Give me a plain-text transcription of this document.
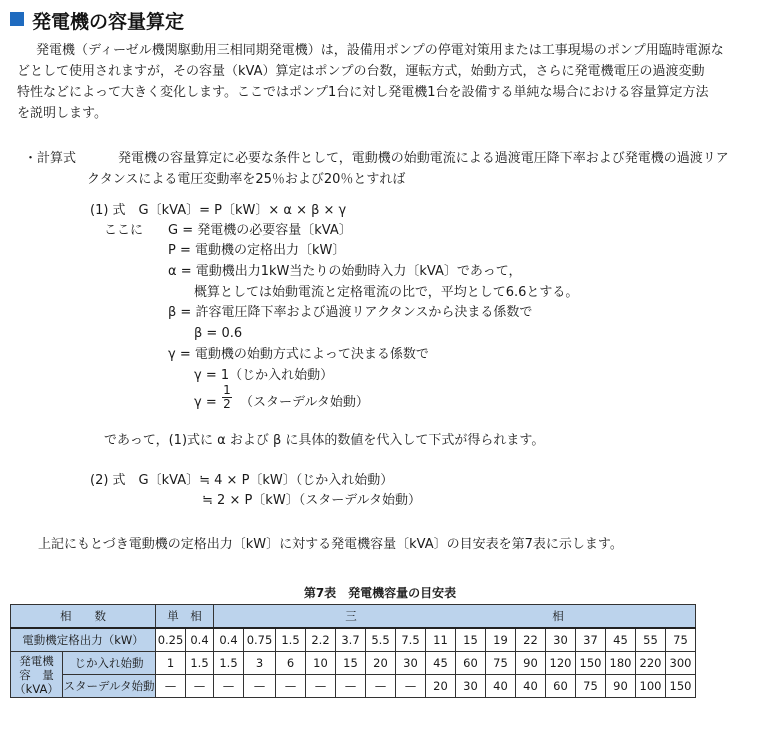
発電機の容量算定
発電機（ディーゼル機関駆動用三相同期発電機）は，設備用ポンプの停電対策用または工事現場のポンプ用臨時電源な
どとして使用されますが，その容量（kVA）算定はポンプの台数，運転方式，始動方式，さらに発電機電圧の過渡変動
特性などによって大きく変化します。ここではポンプ1台に対し発電機1台を設備する単純な場合における容量算定方法
を説明します。
・計算式	発電機の容量算定に必要な条件として，電動機の始動電流による過渡電圧降下率および発電機の過渡リア
クタンスによる電圧変動率を25％および20％とすれば
(1) 式　G〔kVA〕= P〔kW〕× α × β × γ
ここに G = 発電機の必要容量〔kVA〕
P = 電動機の定格出力〔kW〕
α = 電動機出力1kW当たりの始動時入力〔kVA〕であって，
概算としては始動電流と定格電流の比で，平均として6.6とする。
β = 許容電圧降下率および過渡リアクタンスから決まる係数で
β = 0.6
γ = 電動機の始動方式によって決まる係数で
γ = 1（じか入れ始動）
γ =
1
2 （スターデルタ始動）
であって，(1)式に α および β に具体的数値を代入して下式が得られます。
(2) 式　G〔kVA〕≒ 4 × P〔kW〕（じか入れ始動）
≒ 2 × P〔kW〕（スターデルタ始動）
上記にもとづき電動機の定格出力〔kW〕に対する発電機容量〔kVA〕の目安表を第7表に示します。
第7表　発電機容量の目安表
相　　数		単　相		三　　　　　　　　　　　　　　　　　相															
電動機定格出力（kW）		0.25	0.4	0.4	0.75	1.5	2.2	3.7	5.5	7.5	11	15	19	22	30	37	45	55	75

発電機
容　量
（kVA）	じか入れ始動	1	1.5	1.5	3	6	10	15	20	30	45	60	75	90	120	150	180	220	300
	スターデルタ始動	—	—	—	—	—	—	—	—	—	20	30	40	40	60	75	90	100	150
